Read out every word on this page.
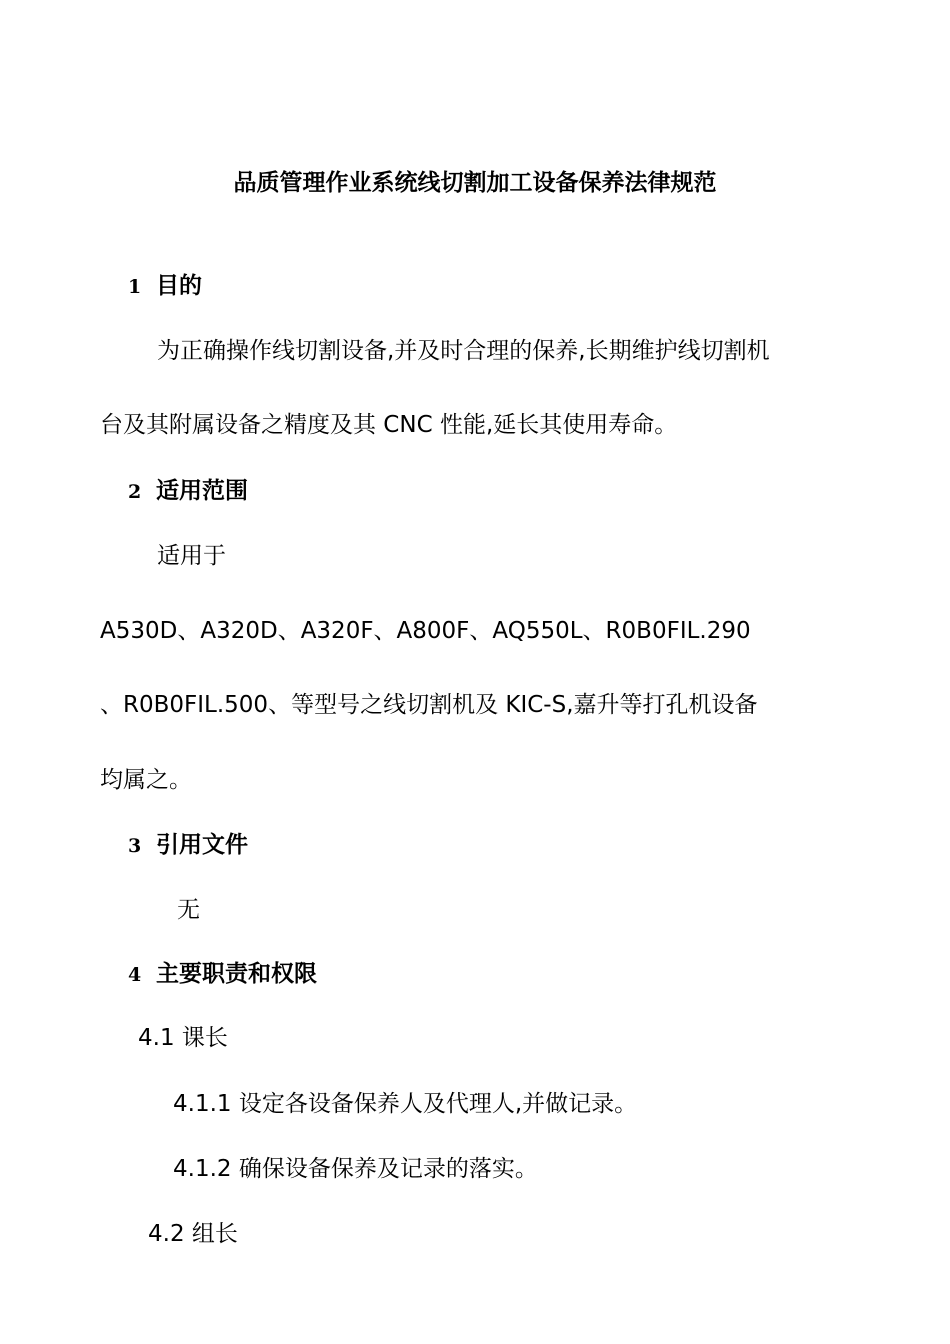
品质管理作业系统线切割加工设备保养法律规范
1 目的
为正确操作线切割设备,并及时合理的保养,长期维护线切割机
台及其附属设备之精度及其 CNC 性能,延长其使用寿命。
2 适用范围
适用于
A530D、A320D、A320F、A800F、AQ550L、R0B0FIL.290
、R0B0FIL.500、等型号之线切割机及 KIC-S,嘉升等打孔机设备
均属之。
3 引用文件
无
4 主要职责和权限
4.1 课长
4.1.1 设定各设备保养人及代理人,并做记录。
4.1.2 确保设备保养及记录的落实。
4.2 组长
